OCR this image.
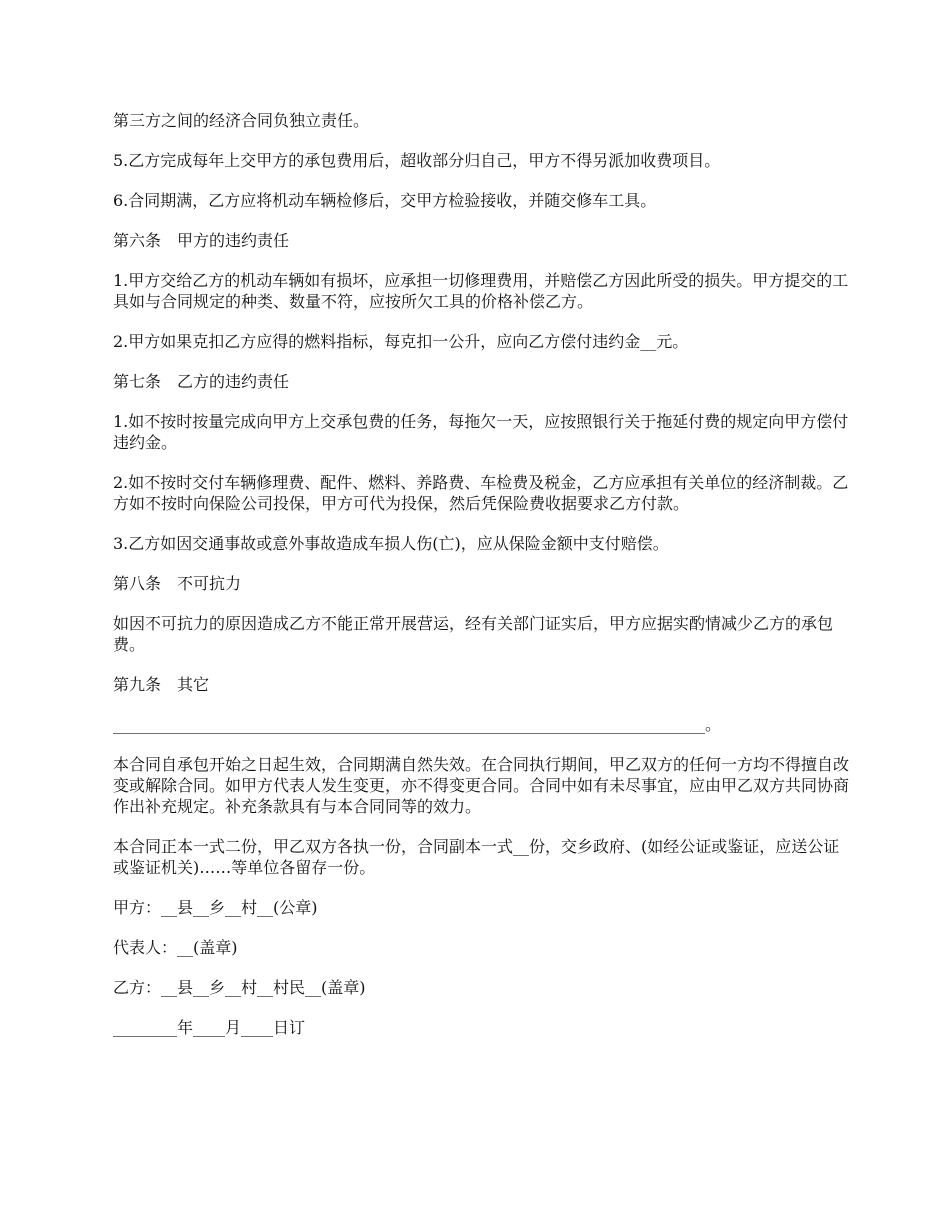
第三方之间的经济合同负独立责任。

5.乙方完成每年上交甲方的承包费用后，超收部分归自己，甲方不得另派加收费项目。

6.合同期满，乙方应将机动车辆检修后，交甲方检验接收，并随交修车工具。

第六条　甲方的违约责任

1.甲方交给乙方的机动车辆如有损坏，应承担一切修理费用，并赔偿乙方因此所受的损失。甲方提交的工具如与合同规定的种类、数量不符，应按所欠工具的价格补偿乙方。

2.甲方如果克扣乙方应得的燃料指标，每克扣一公升，应向乙方偿付违约金__元。

第七条　乙方的违约责任

1.如不按时按量完成向甲方上交承包费的任务，每拖欠一天，应按照银行关于拖延付费的规定向甲方偿付违约金。

2.如不按时交付车辆修理费、配件、燃料、养路费、车检费及税金，乙方应承担有关单位的经济制裁。乙方如不按时向保险公司投保，甲方可代为投保，然后凭保险费收据要求乙方付款。

3.乙方如因交通事故或意外事故造成车损人伤(亡)，应从保险金额中支付赔偿。

第八条　不可抗力

如因不可抗力的原因造成乙方不能正常开展营运，经有关部门证实后，甲方应据实酌情减少乙方的承包费。

第九条　其它

__________________________________________________________________________。

本合同自承包开始之日起生效，合同期满自然失效。在合同执行期间，甲乙双方的任何一方均不得擅自改变或解除合同。如甲方代表人发生变更，亦不得变更合同。合同中如有未尽事宜，应由甲乙双方共同协商作出补充规定。补充条款具有与本合同同等的效力。

本合同正本一式二份，甲乙双方各执一份，合同副本一式__份，交乡政府、(如经公证或鉴证，应送公证或鉴证机关)……等单位各留存一份。

甲方：__县__乡__村__(公章)

代表人：__(盖章)

乙方：__县__乡__村__村民__(盖章)

________年____月____日订
